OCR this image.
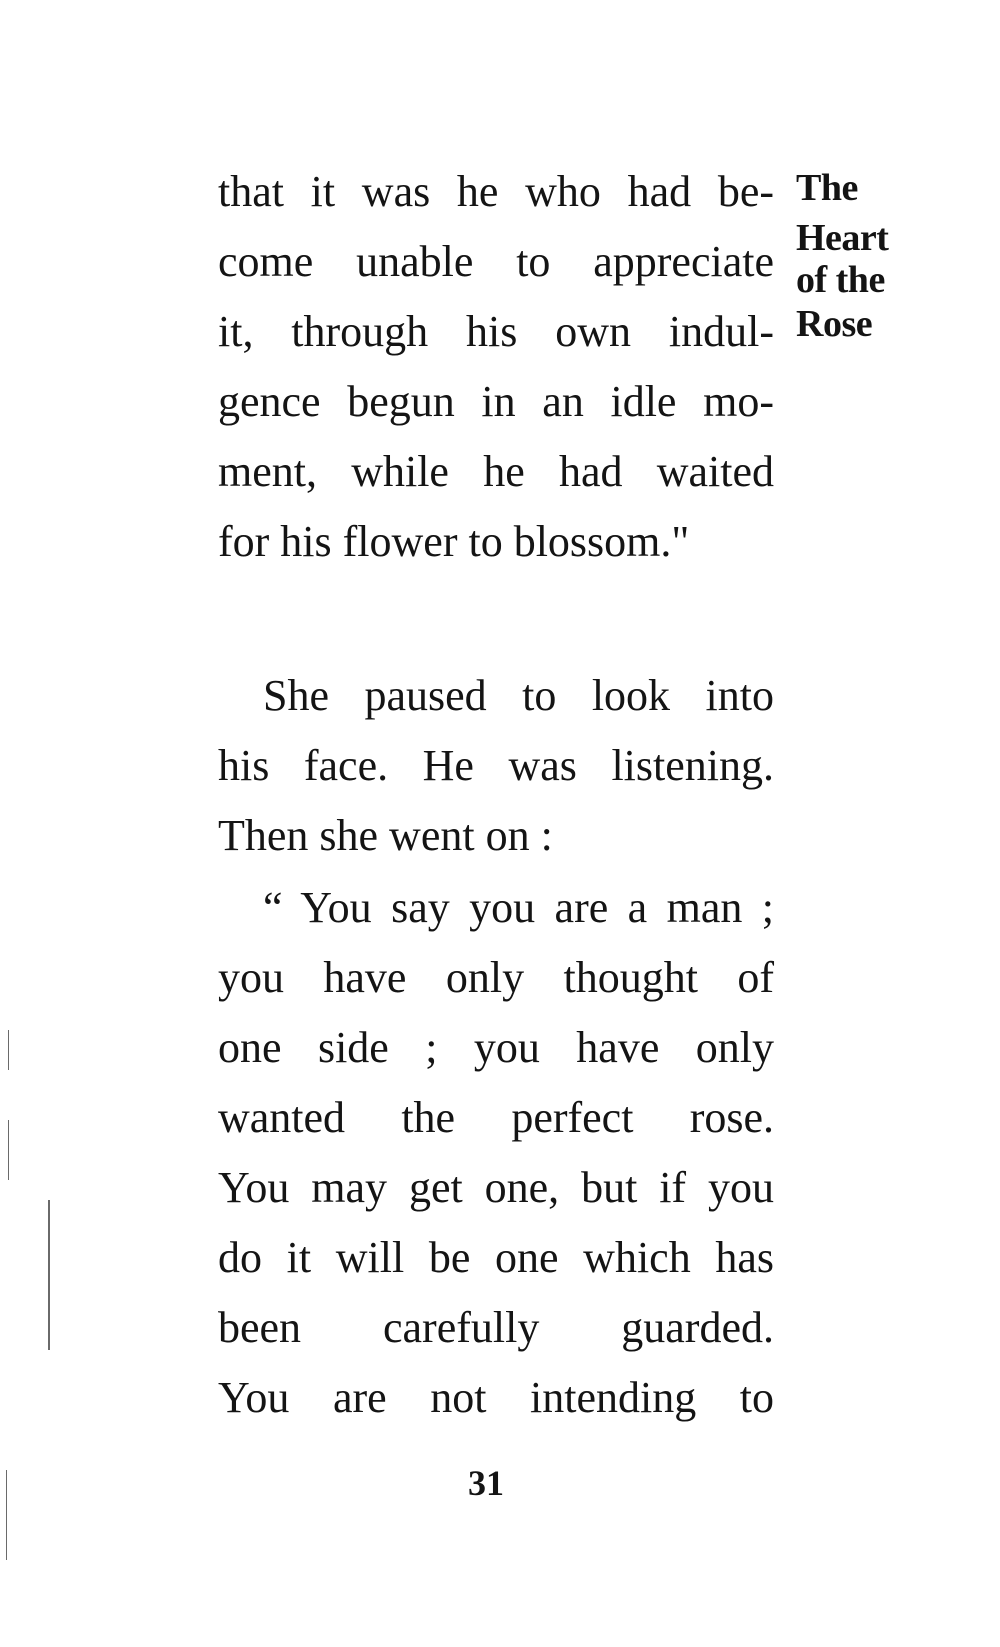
The
Heart
of the
Rose
that it was he who had be-
come unable to appreciate
it, through his own indul-
gence begun in an idle mo-
ment, while he had waited
for his flower to blossom."
She paused to look into
his face. He was listening.
Then she went on :
“ You say you are a man ;
you have only thought of
one side ; you have only
wanted the perfect rose.
You may get one, but if you
do it will be one which has
been carefully guarded.
You are not intending to
31
